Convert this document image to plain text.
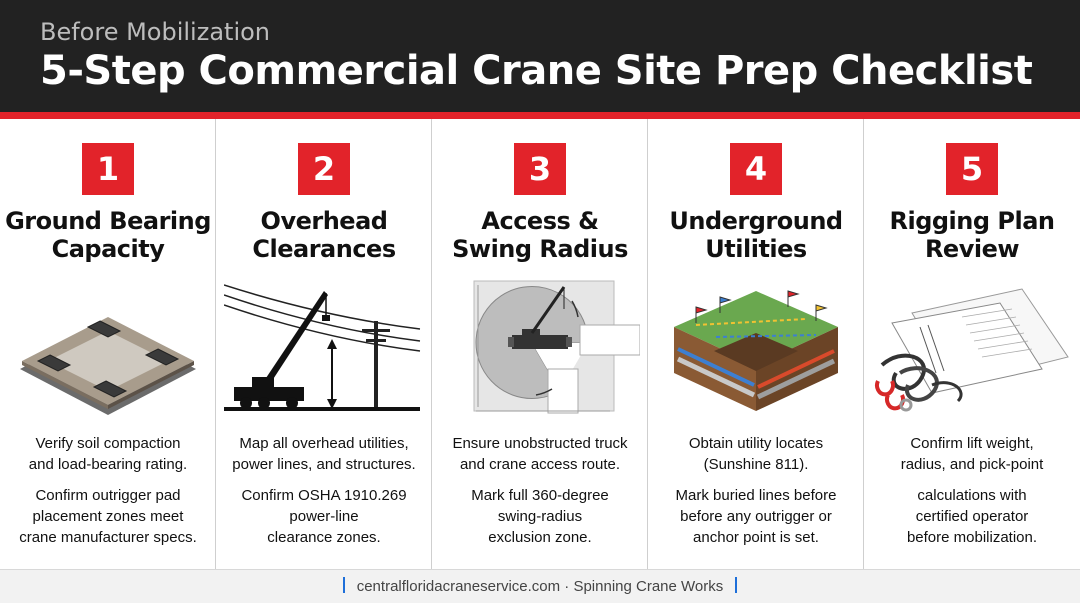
Before Mobilization
5-Step Commercial Crane Site Prep Checklist
1
Ground Bearing
Capacity
Verify soil compaction
and load-bearing rating.
Confirm outrigger pad
placement zones meet
crane manufacturer specs.
2
Overhead
Clearances
Map all overhead utilities,
power lines, and structures.
Confirm OSHA 1910.269
power-line
clearance zones.
3
Access &
Swing Radius
Ensure unobstructed truck
and crane access route.
Mark full 360-degree
swing-radius
exclusion zone.
4
Underground
Utilities
Obtain utility locates
(Sunshine 811).
Mark buried lines before
before any outrigger or
anchor point is set.
5
Rigging Plan
Review
Confirm lift weight,
radius, and pick-point
calculations with
certified operator
before mobilization.
centralfloridacraneservice.com · Spinning Crane Works
